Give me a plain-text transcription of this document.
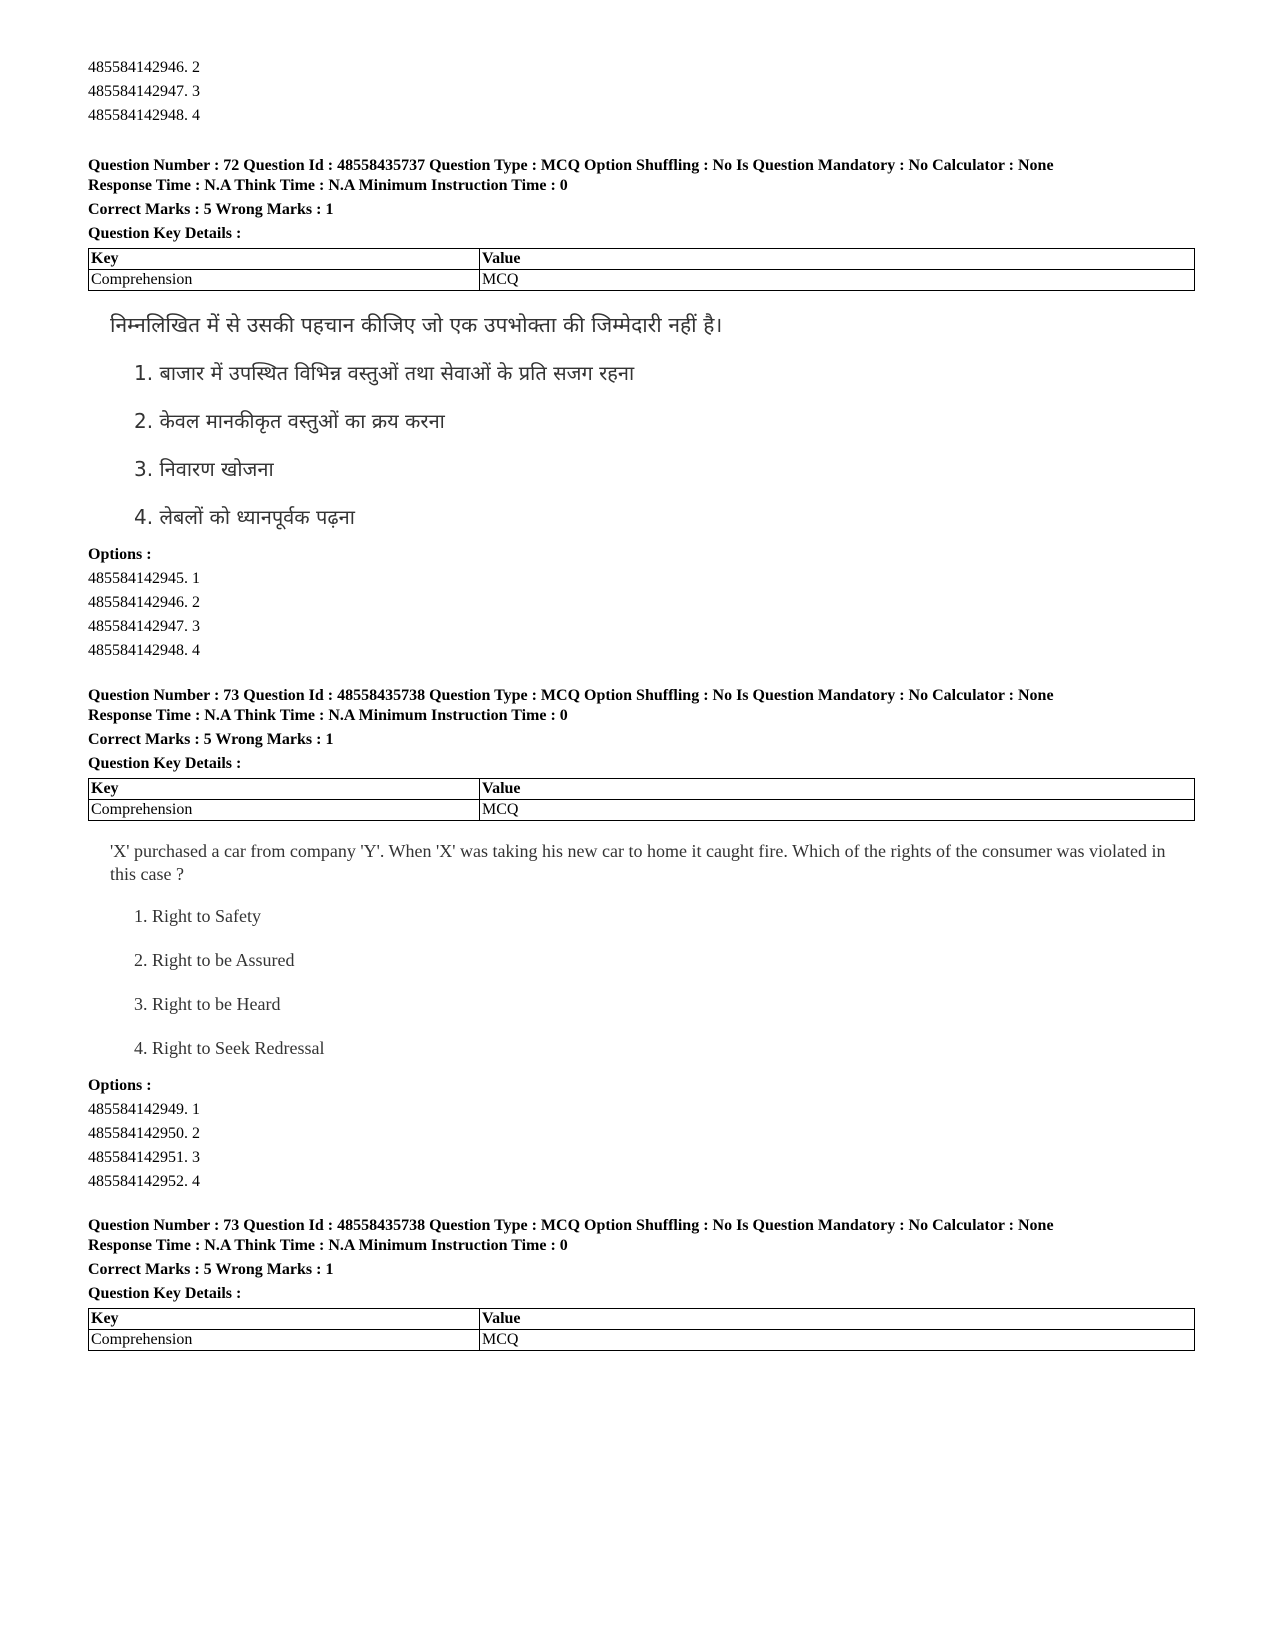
485584142946. 2
485584142947. 3
485584142948. 4
Question Number : 72 Question Id : 48558435737 Question Type : MCQ Option Shuffling : No Is Question Mandatory : No Calculator : None
Response Time : N.A Think Time : N.A Minimum Instruction Time : 0
Correct Marks : 5 Wrong Marks : 1
Question Key Details :
Key	Value
Comprehension	MCQ
निम्नलिखित में से उसकी पहचान कीजिए जो एक उपभोक्ता की जिम्मेदारी नहीं है।
1. बाजार में उपस्थित विभिन्न वस्तुओं तथा सेवाओं के प्रति सजग रहना
2. केवल मानकीकृत वस्तुओं का क्रय करना
3. निवारण खोजना
4. लेबलों को ध्यानपूर्वक पढ़ना
Options :
485584142945. 1
485584142946. 2
485584142947. 3
485584142948. 4
Question Number : 73 Question Id : 48558435738 Question Type : MCQ Option Shuffling : No Is Question Mandatory : No Calculator : None
Response Time : N.A Think Time : N.A Minimum Instruction Time : 0
Correct Marks : 5 Wrong Marks : 1
Question Key Details :
Key	Value
Comprehension	MCQ
'X' purchased a car from company 'Y'. When 'X' was taking his new car to home it caught fire. Which of the rights of the consumer was violated in this case ?
1. Right to Safety
2. Right to be Assured
3. Right to be Heard
4. Right to Seek Redressal
Options :
485584142949. 1
485584142950. 2
485584142951. 3
485584142952. 4
Question Number : 73 Question Id : 48558435738 Question Type : MCQ Option Shuffling : No Is Question Mandatory : No Calculator : None
Response Time : N.A Think Time : N.A Minimum Instruction Time : 0
Correct Marks : 5 Wrong Marks : 1
Question Key Details :
Key	Value
Comprehension	MCQ
